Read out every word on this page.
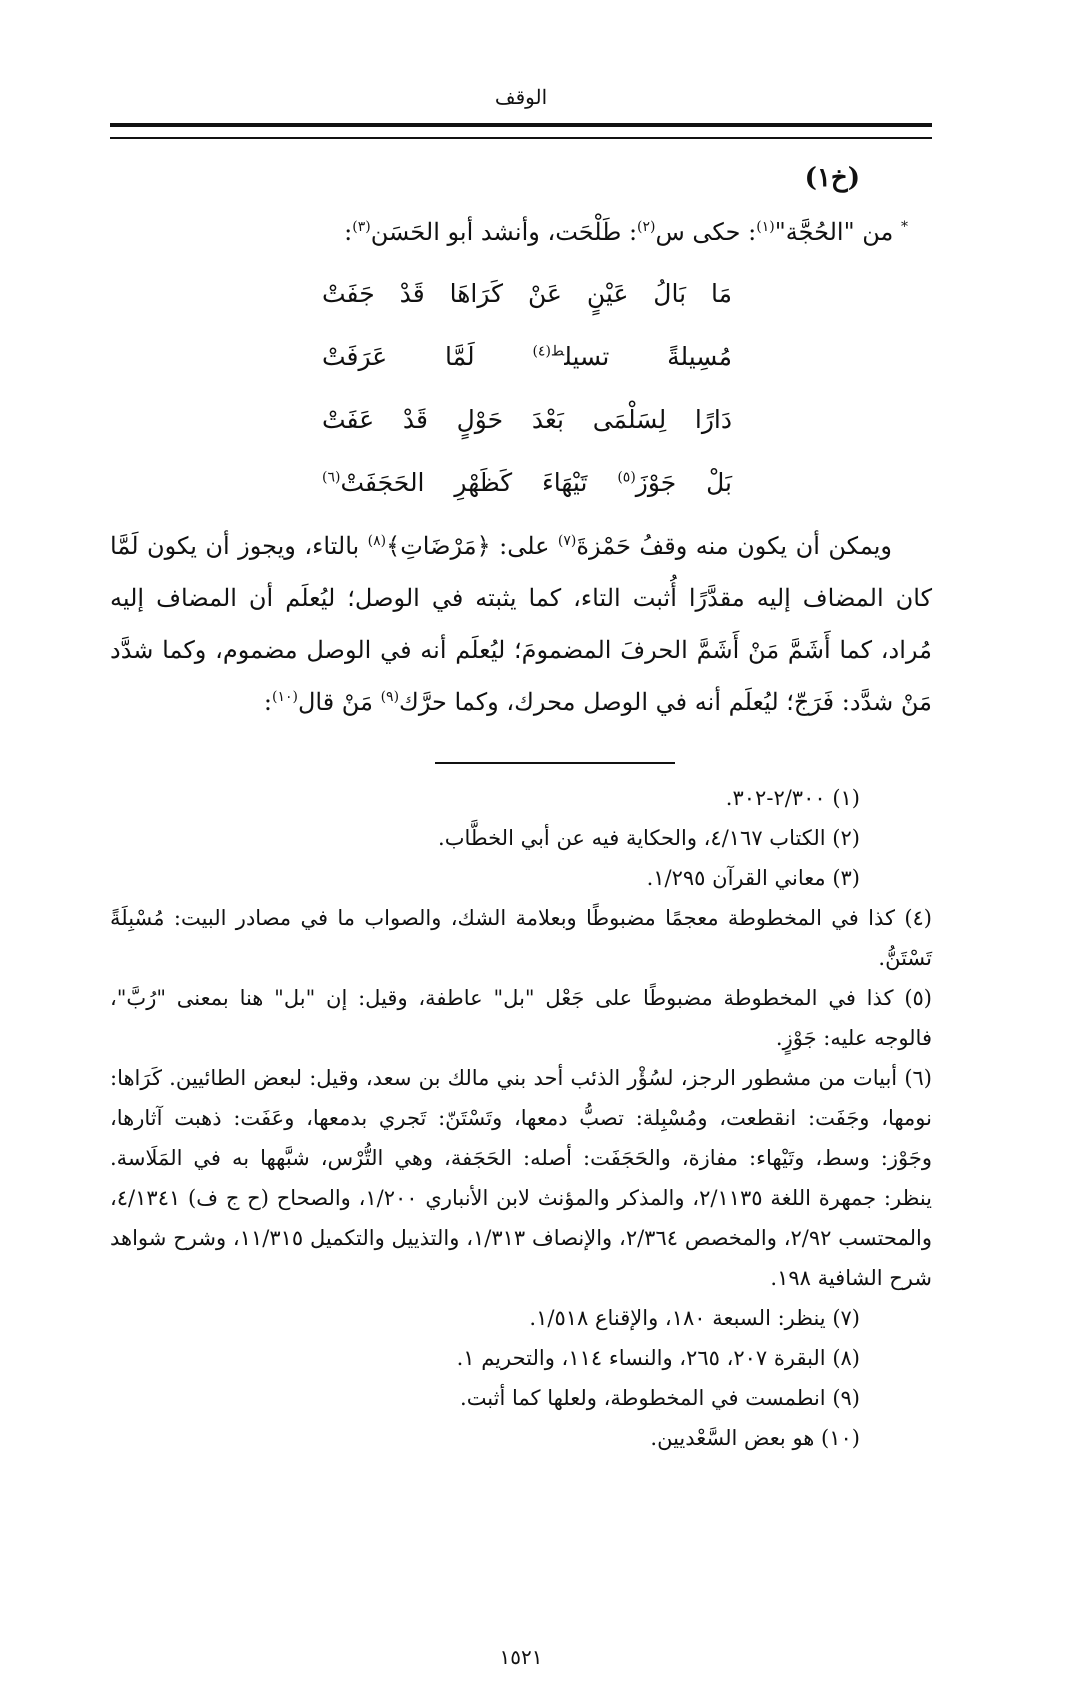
الوقف

(خ١)

* من "الحُجَّة"$^{(١)}$: حكى س$^{(٢)}$: طَلْحَت، وأنشد أبو الحَسَن$^{(٣)}$:

مَا بَالُ عَيْنٍ عَنْ كَرَاهَا قَدْ جَفَتْ
مُسِيلةً تسيل$^{ط(٤)}$ لَمَّا عَرَفَتْ
دَارًا لِسَلْمَى بَعْدَ حَوْلٍ قَدْ عَفَتْ
بَلْ جَوْزَ$^{(٥)}$ تَيْهَاءَ كَظَهْرِ الحَجَفَتْ$^{(٦)}$

ويمكن أن يكون منه وقفُ حَمْزةَ$^{(٧)}$ على: ﴿مَرْضَاتِ﴾$^{(٨)}$ بالتاء، ويجوز أن يكون لَمَّا كان المضاف إليه مقدَّرًا أُثبت التاء، كما يثبته في الوصل؛ ليُعلَم أن المضاف إليه مُراد، كما أَشَمَّ مَنْ أَشَمَّ الحرفَ المضمومَ؛ ليُعلَم أنه في الوصل مضموم، وكما شدَّد مَنْ شدَّد: فَرَجّ؛ ليُعلَم أنه في الوصل محرك، وكما حرَّك$^{(٩)}$ مَنْ قال$^{(١٠)}$:

(١) ٢/٣٠٠-٣٠٢.

(٢) الكتاب ٤/١٦٧، والحكاية فيه عن أبي الخطَّاب.

(٣) معاني القرآن ١/٢٩٥.

(٤) كذا في المخطوطة معجمًا مضبوطًا وبعلامة الشك، والصواب ما في مصادر البيت: مُسْبِلَةً تَسْتَنُّ.

(٥) كذا في المخطوطة مضبوطًا على جَعْل "بل" عاطفة، وقيل: إن "بل" هنا بمعنى "رُبَّ"، فالوجه عليه: جَوْزٍ.

(٦) أبيات من مشطور الرجز، لسُؤْر الذئب أحد بني مالك بن سعد، وقيل: لبعض الطائيين. كَرَاها: نومها، وجَفَت: انقطعت، ومُسْبِلة: تصبُّ دمعها، وتَسْتَنّ: تَجري بدمعها، وعَفَت: ذهبت آثارها، وجَوْز: وسط، وتَيْهاء: مفازة، والحَجَفَت: أصله: الحَجَفة، وهي التُّرْس، شبَّهها به في المَلَاسة. ينظر: جمهرة اللغة ٢/١١٣٥، والمذكر والمؤنث لابن الأنباري ١/٢٠٠، والصحاح (ح ج ف) ٤/١٣٤١، والمحتسب ٢/٩٢، والمخصص ٢/٣٦٤، والإنصاف ١/٣١٣، والتذييل والتكميل ١١/٣١٥، وشرح شواهد شرح الشافية ١٩٨.

(٧) ينظر: السبعة ١٨٠، والإقناع ١/٥١٨.

(٨) البقرة ٢٠٧، ٢٦٥، والنساء ١١٤، والتحريم ١.

(٩) انطمست في المخطوطة، ولعلها كما أثبت.

(١٠) هو بعض السَّعْديين.

١٥٢١
